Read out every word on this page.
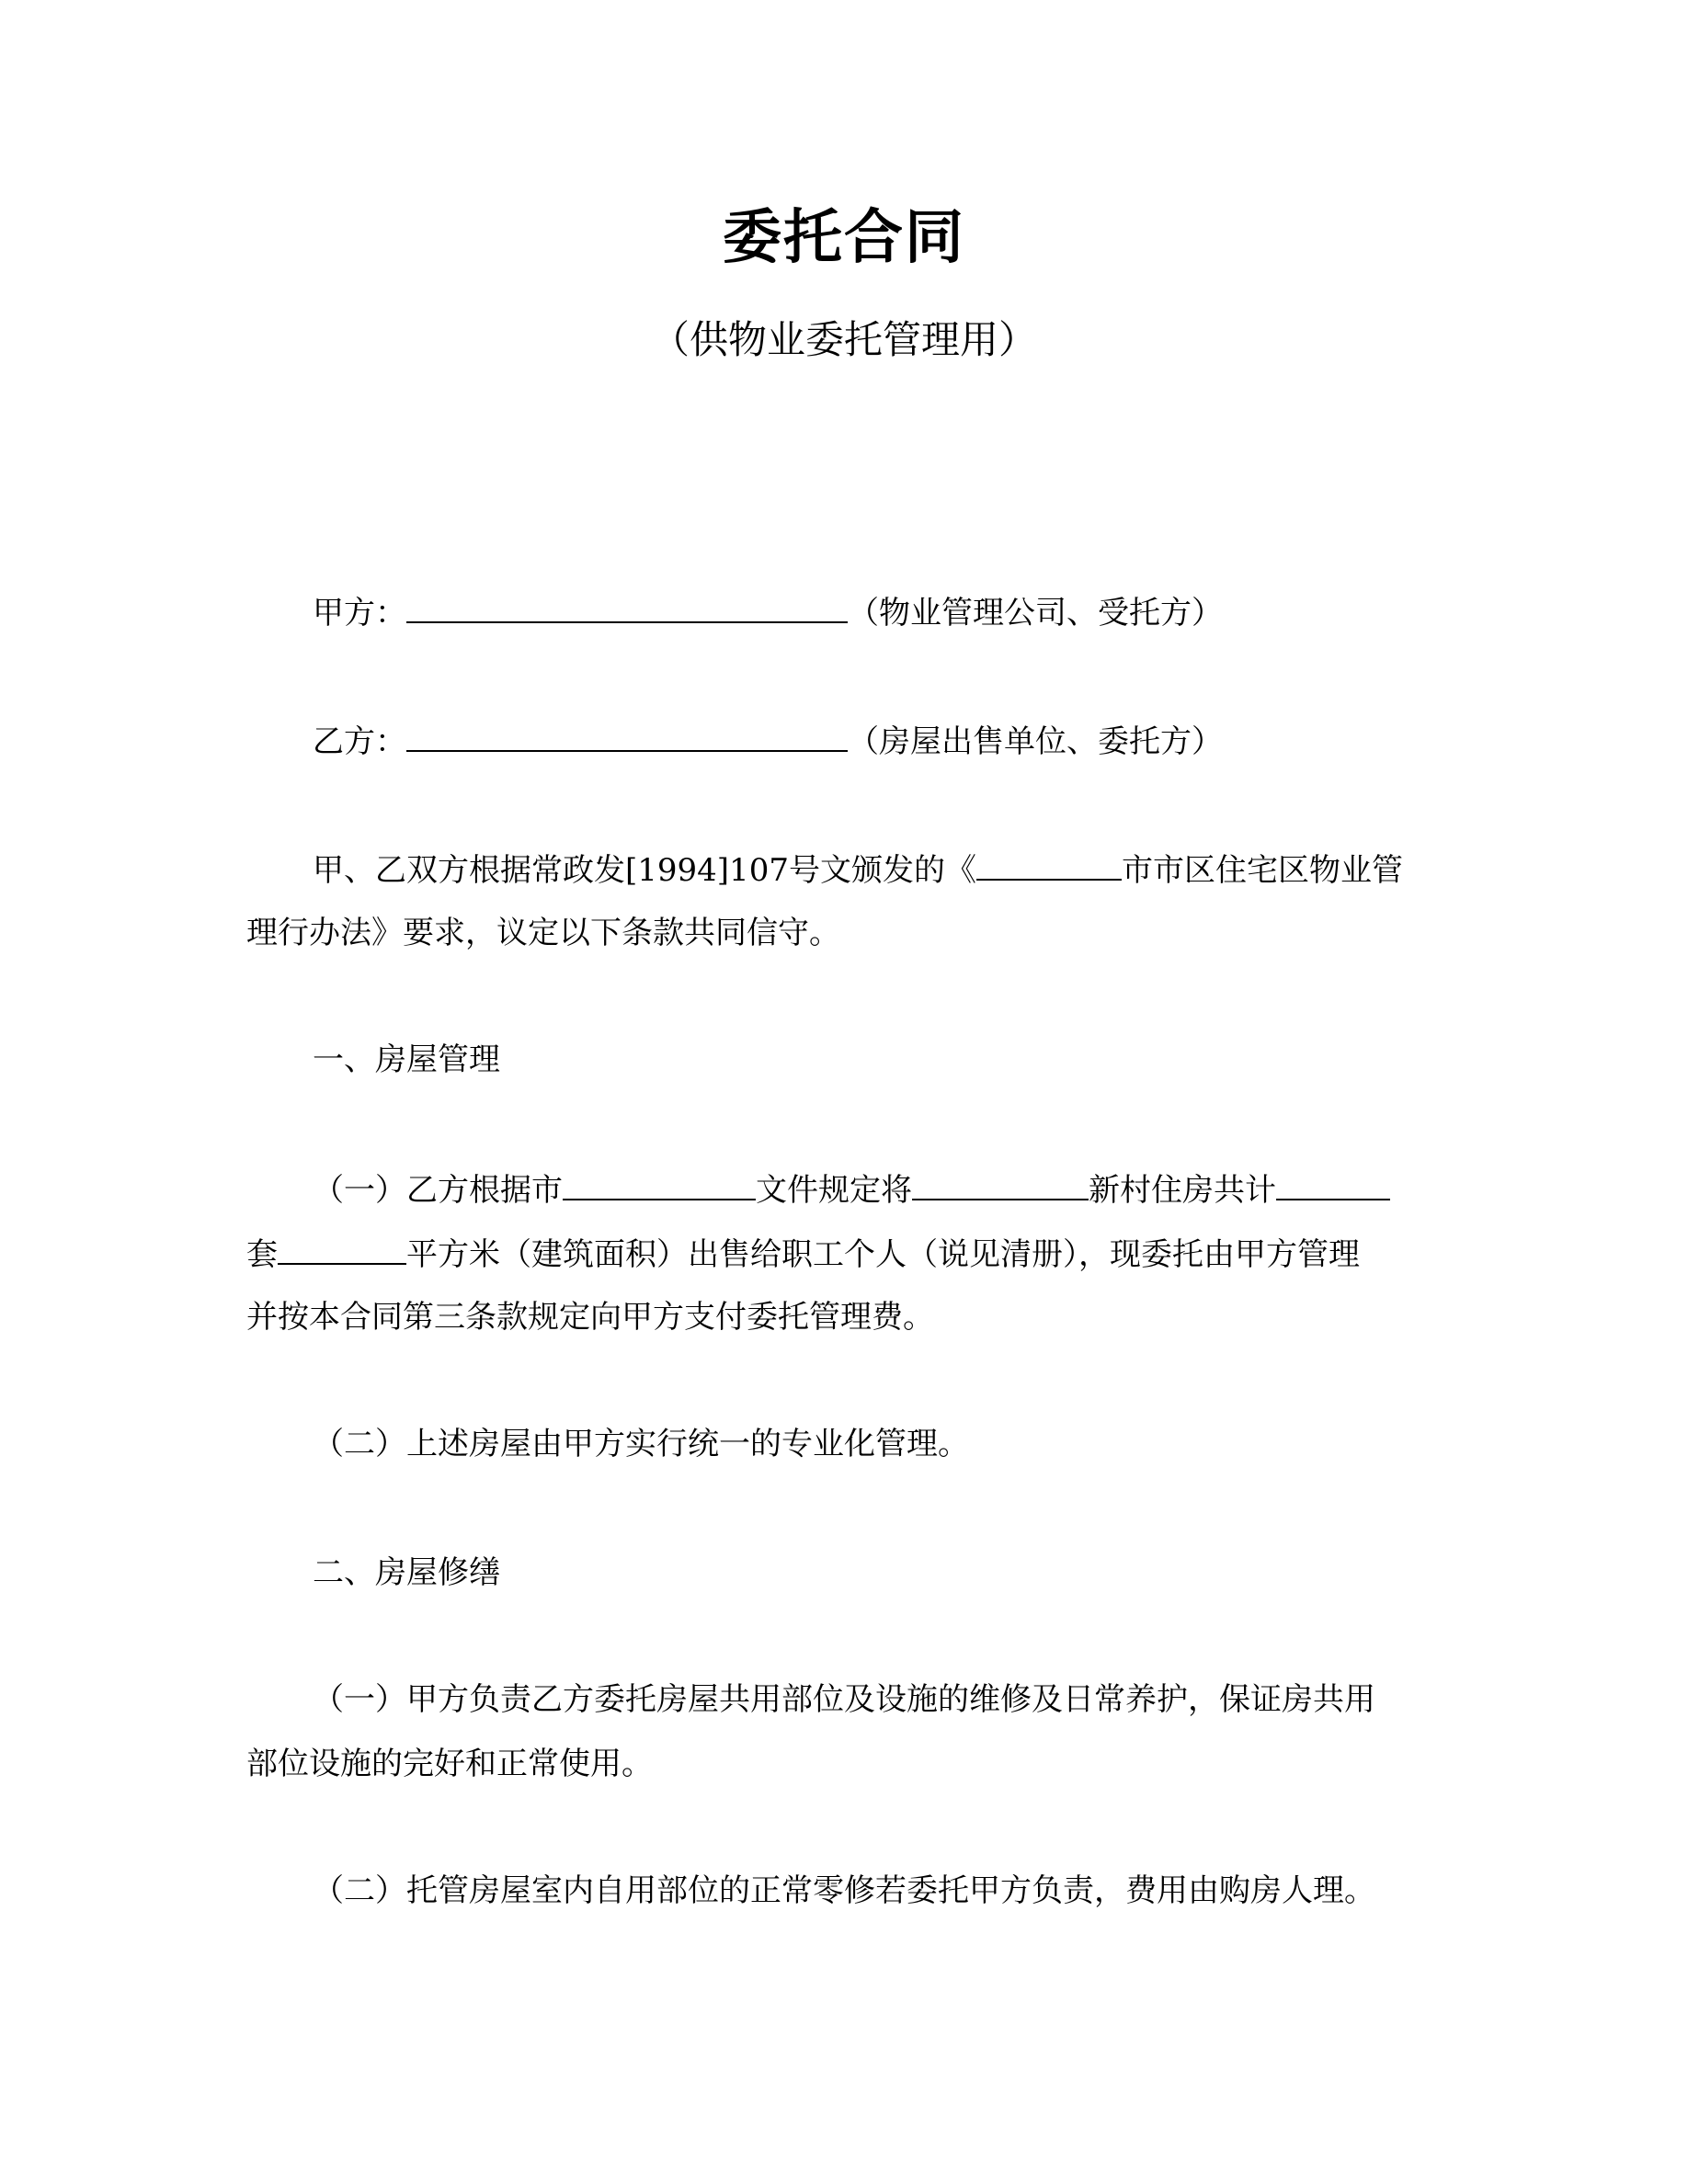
委托合同
（供物业委托管理用）
甲方：	（物业管理公司、受托方）
乙方：	（房屋出售单位、委托方）
甲、乙双方根据常政发[1994]107号文颁发的《	市市区住宅区物业管
理行办法》要求，议定以下条款共同信守。
一、房屋管理
（一）乙方根据市	文件规定将	新村住房共计
套	平方米（建筑面积）出售给职工个人（说见清册），现委托由甲方管理
并按本合同第三条款规定向甲方支付委托管理费。
（二）上述房屋由甲方实行统一的专业化管理。
二、房屋修缮
（一）甲方负责乙方委托房屋共用部位及设施的维修及日常养护，保证房共用
部位设施的完好和正常使用。
（二）托管房屋室内自用部位的正常零修若委托甲方负责，费用由购房人理。
